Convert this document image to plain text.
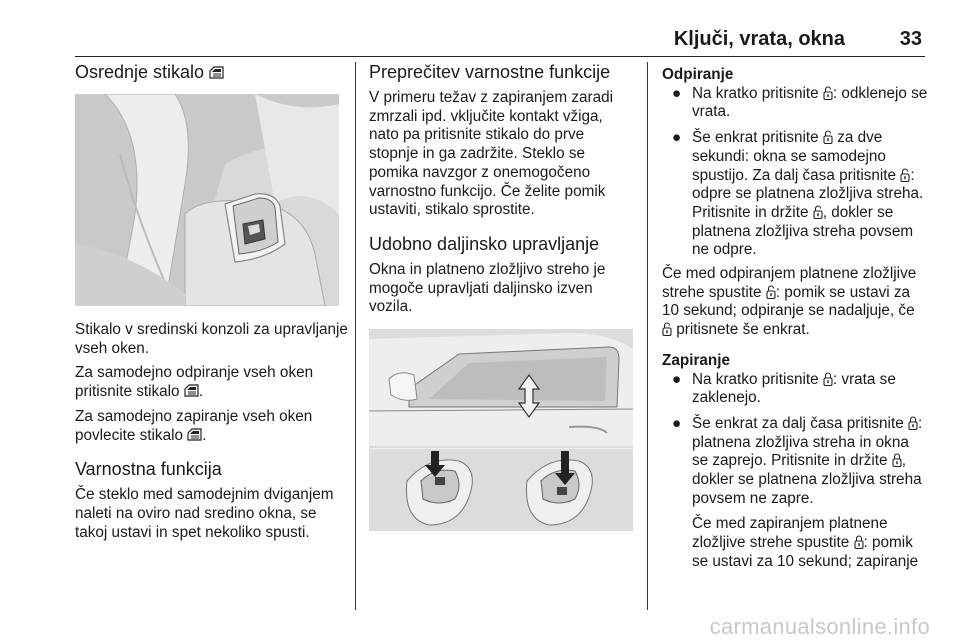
Ključi, vrata, okna	33
Osrednje stikalo

Stikalo v sredinski konzoli za upravljanje vseh oken.

Za samodejno odpiranje vseh oken pritisnite stikalo .

Za samodejno zapiranje vseh oken povlecite stikalo .

Varnostna funkcija

Če steklo med samodejnim dviganjem naleti na oviro nad sredino okna, se takoj ustavi in spet nekoliko spusti.

Preprečitev varnostne funkcije

V primeru težav z zapiranjem zaradi zmrzali ipd. vključite kontakt vžiga, nato pa pritisnite stikalo do prve stopnje in ga zadržite. Steklo se pomika navzgor z onemogočeno varnostno funkcijo. Če želite pomik ustaviti, stikalo sprostite.

Udobno daljinsko upravljanje

Okna in platneno zložljivo streho je mogoče upravljati daljinsko izven vozila.

Odpiranje
● Na kratko pritisnite : odklenejo se vrata.
● Še enkrat pritisnite za dve sekundi: okna se samodejno spustijo. Za dalj časa pritisnite : odpre se platnena zložljiva streha. Pritisnite in držite , dokler se platnena zložljiva streha povsem ne odpre.

Če med odpiranjem platnene zložljive strehe spustite : pomik se ustavi za 10 sekund; odpiranje se nadaljuje, če  pritisnete še enkrat.

Zapiranje
● Na kratko pritisnite : vrata se zaklenejo.
● Še enkrat za dalj časa pritisnite : platnena zložljiva streha in okna se zaprejo. Pritisnite in držite , dokler se platnena zložljiva streha povsem ne zapre.
Če med zapiranjem platnene zložljive strehe spustite : pomik se ustavi za 10 sekund; zapiranje
carmanualsonline.info
